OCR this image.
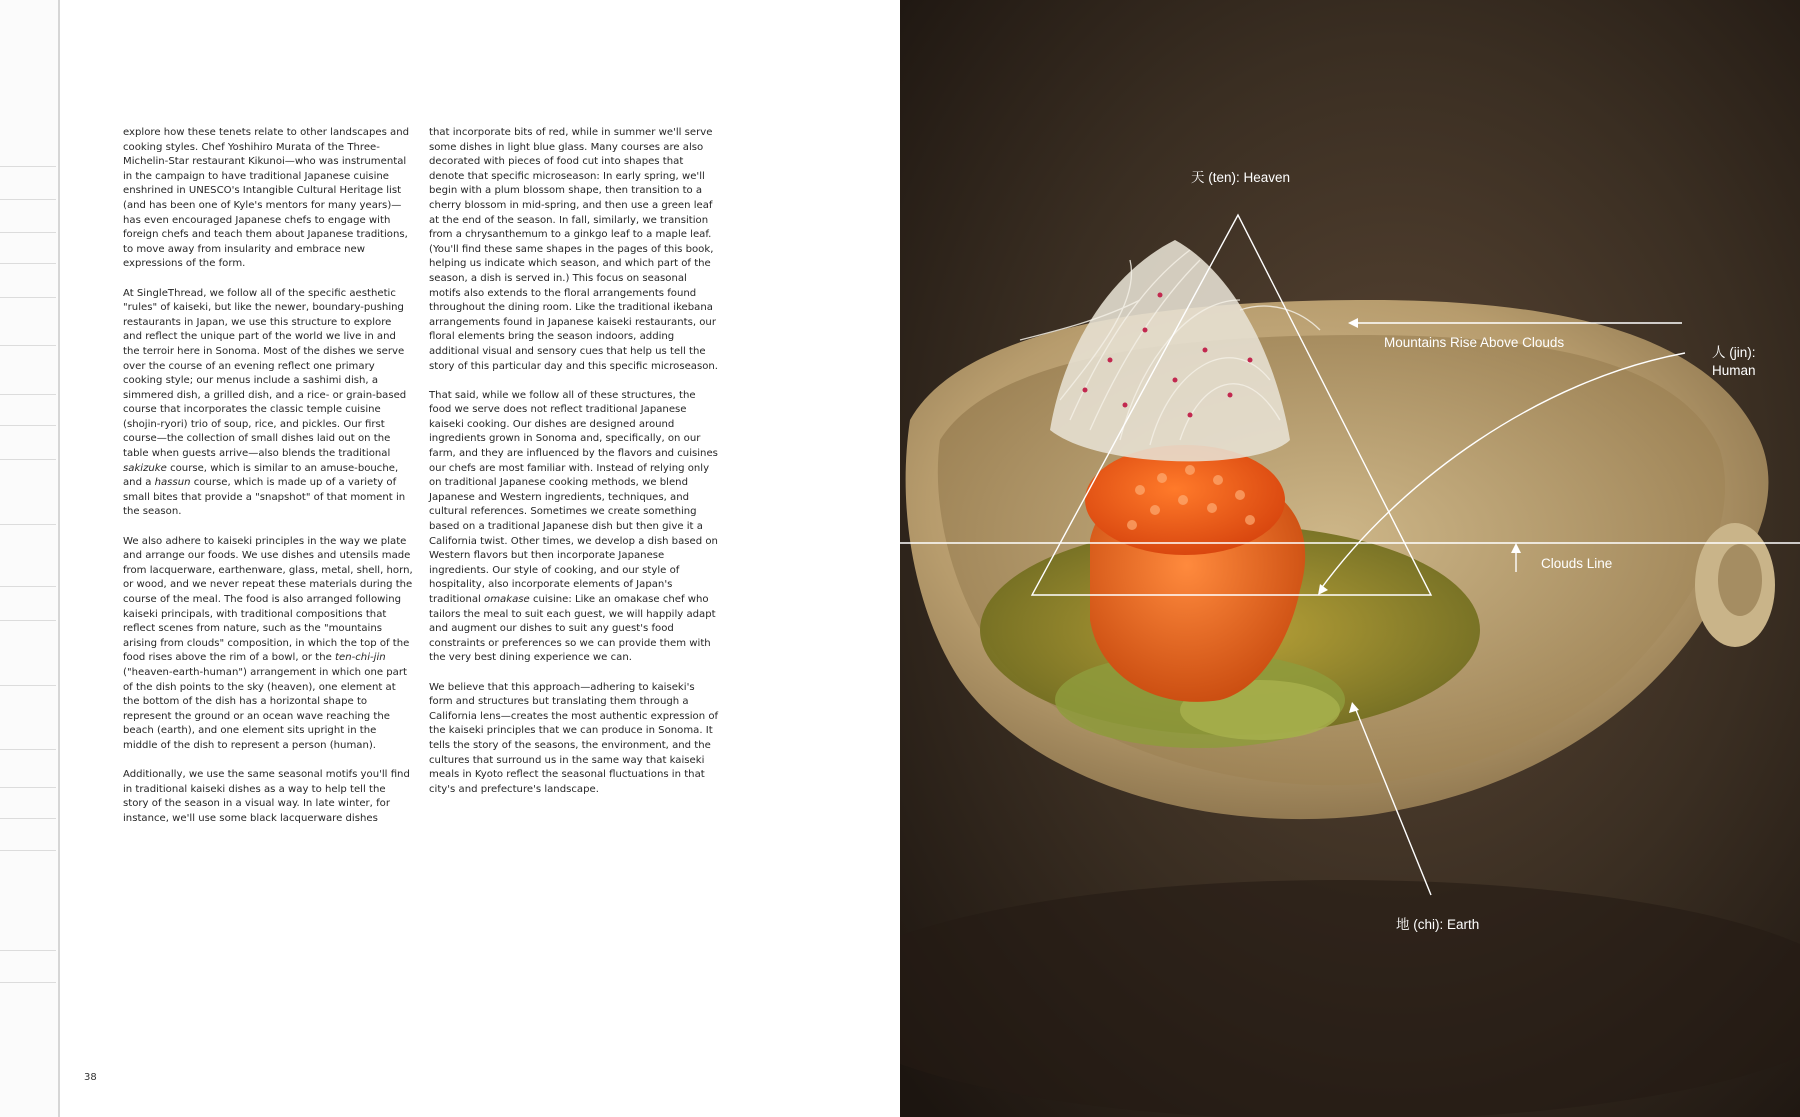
explore how these tenets relate to other landscapes and cooking styles. Chef Yoshihiro Murata of the Three-Michelin-Star restaurant Kikunoi—who was instrumental in the campaign to have traditional Japanese cuisine enshrined in UNESCO's Intangible Cultural Heritage list (and has been one of Kyle's mentors for many years)—has even encouraged Japanese chefs to engage with foreign chefs and teach them about Japanese traditions, to move away from insularity and embrace new expressions of the form.

At SingleThread, we follow all of the specific aesthetic "rules" of kaiseki, but like the newer, boundary-pushing restaurants in Japan, we use this structure to explore and reflect the unique part of the world we live in and the terroir here in Sonoma. Most of the dishes we serve over the course of an evening reflect one primary cooking style; our menus include a sashimi dish, a simmered dish, a grilled dish, and a rice- or grain-based course that incorporates the classic temple cuisine (shojin-ryori) trio of soup, rice, and pickles. Our first course—the collection of small dishes laid out on the table when guests arrive—also blends the traditional sakizuke course, which is similar to an amuse-bouche, and a hassun course, which is made up of a variety of small bites that provide a "snapshot" of that moment in the season.

We also adhere to kaiseki principles in the way we plate and arrange our foods. We use dishes and utensils made from lacquerware, earthenware, glass, metal, shell, horn, or wood, and we never repeat these materials during the course of the meal. The food is also arranged following kaiseki principals, with traditional compositions that reflect scenes from nature, such as the "mountains arising from clouds" composition, in which the top of the food rises above the rim of a bowl, or the ten-chi-jin ("heaven-earth-human") arrangement in which one part of the dish points to the sky (heaven), one element at the bottom of the dish has a horizontal shape to represent the ground or an ocean wave reaching the beach (earth), and one element sits upright in the middle of the dish to represent a person (human).

Additionally, we use the same seasonal motifs you'll find in traditional kaiseki dishes as a way to help tell the story of the season in a visual way. In late winter, for instance, we'll use some black lacquerware dishes

that incorporate bits of red, while in summer we'll serve some dishes in light blue glass. Many courses are also decorated with pieces of food cut into shapes that denote that specific microseason: In early spring, we'll begin with a plum blossom shape, then transition to a cherry blossom in mid-spring, and then use a green leaf at the end of the season. In fall, similarly, we transition from a chrysanthemum to a ginkgo leaf to a maple leaf. (You'll find these same shapes in the pages of this book, helping us indicate which season, and which part of the season, a dish is served in.) This focus on seasonal motifs also extends to the floral arrangements found throughout the dining room. Like the traditional ikebana arrangements found in Japanese kaiseki restaurants, our floral elements bring the season indoors, adding additional visual and sensory cues that help us tell the story of this particular day and this specific microseason.

That said, while we follow all of these structures, the food we serve does not reflect traditional Japanese kaiseki cooking. Our dishes are designed around ingredients grown in Sonoma and, specifically, on our farm, and they are influenced by the flavors and cuisines our chefs are most familiar with. Instead of relying only on traditional Japanese cooking methods, we blend Japanese and Western ingredients, techniques, and cultural references. Sometimes we create something based on a traditional Japanese dish but then give it a California twist. Other times, we develop a dish based on Western flavors but then incorporate Japanese ingredients. Our style of cooking, and our style of hospitality, also incorporate elements of Japan's traditional omakase cuisine: Like an omakase chef who tailors the meal to suit each guest, we will happily adapt and augment our dishes to suit any guest's food constraints or preferences so we can provide them with the very best dining experience we can.

We believe that this approach—adhering to kaiseki's form and structures but translating them through a California lens—creates the most authentic expression of the kaiseki principles that we can produce in Sonoma. It tells the story of the seasons, the environment, and the cultures that surround us in the same way that kaiseki meals in Kyoto reflect the seasonal fluctuations in that city's and prefecture's landscape.

38
天 (ten): Heaven
Mountains Rise Above Clouds
人 (jin):
Human
Clouds Line
地 (chi): Earth
